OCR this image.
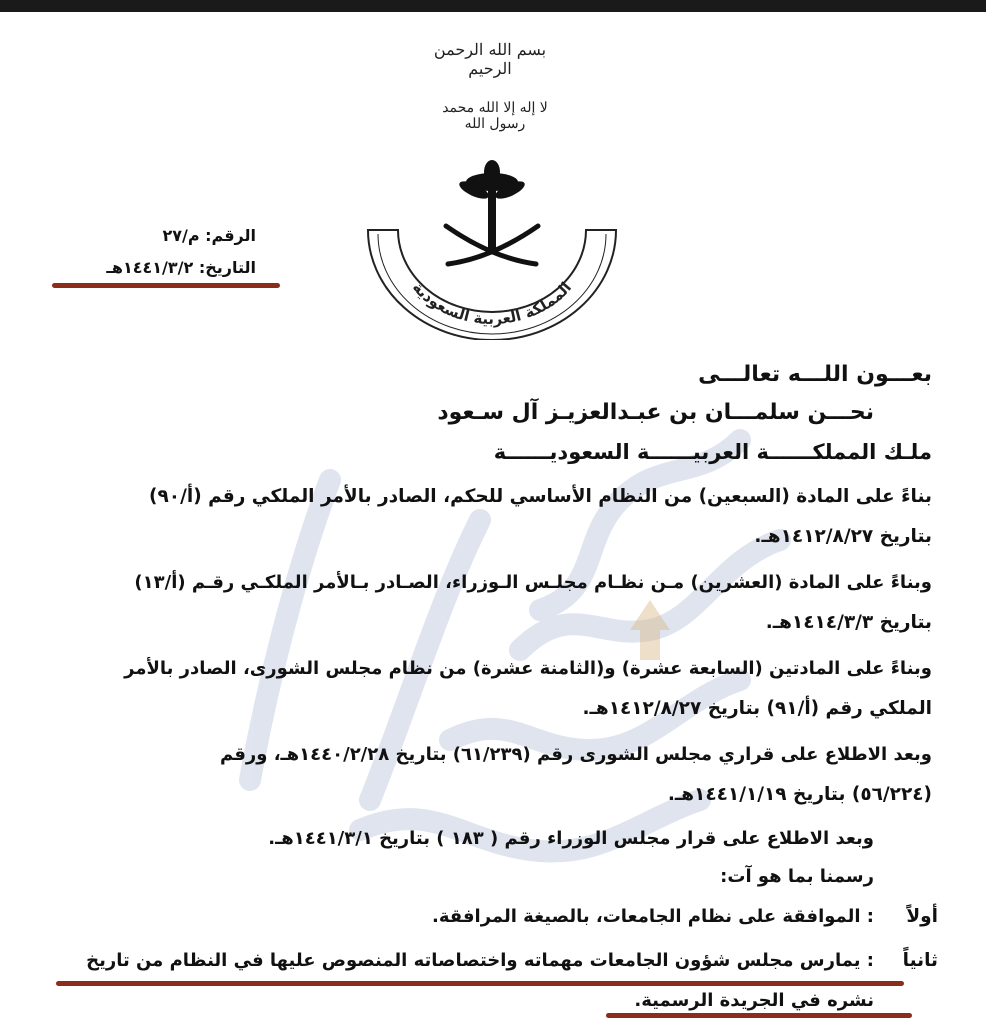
بسم الله الرحمن الرحيم
لا إله إلا الله محمد رسول الله
المملكة العربية السعودية
الرقم: م/٢٧
التاريخ: ١٤٤١/٣/٢هـ
بعـــون اللـــه تعالـــى
نحـــن سلمـــان بن عبـدالعزيـز آل سـعود
ملـك المملكــــــة العربيــــــة السعوديــــــة
بناءً على المادة (السبعين) من النظام الأساسي للحكم، الصادر بالأمر الملكي رقم (أ/٩٠)
بتاريخ ١٤١٢/٨/٢٧هـ.
وبناءً على المادة (العشرين) مـن نظـام مجلـس الـوزراء، الصـادر بـالأمر الملكـي رقـم (أ/١٣)
بتاريخ ١٤١٤/٣/٣هـ.
وبناءً على المادتين (السابعة عشرة) و(الثامنة عشرة) من نظام مجلس الشورى، الصادر بالأمر
الملكي رقم (أ/٩١) بتاريخ ١٤١٢/٨/٢٧هـ.
وبعد الاطلاع على قراري مجلس الشورى رقم (٦١/٢٣٩) بتاريخ ١٤٤٠/٢/٢٨هـ، ورقم
(٥٦/٢٢٤) بتاريخ ١٤٤١/١/١٩هـ.
وبعد الاطلاع على قرار مجلس الوزراء رقم ( ١٨٣ ) بتاريخ ١٤٤١/٣/١هـ.
رسمنا بما هو آت:
أولاً
: الموافقة على نظام الجامعات، بالصيغة المرافقة.
ثانياً
: يمارس مجلس شؤون الجامعات مهماته واختصاصاته المنصوص عليها في النظام من تاريخ
نشره في الجريدة الرسمية.
